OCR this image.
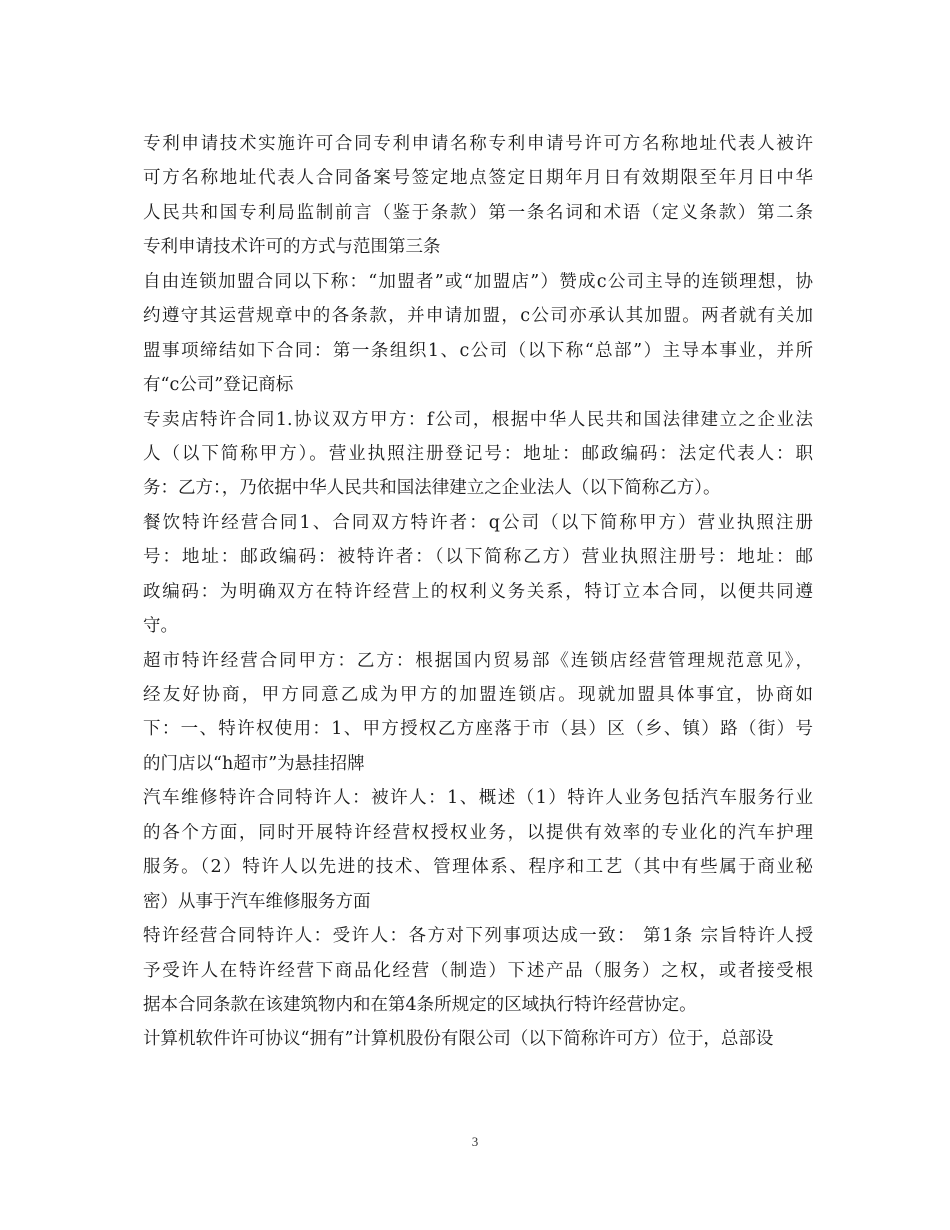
专利申请技术实施许可合同专利申请名称专利申请号许可方名称地址代表人被许
可方名称地址代表人合同备案号签定地点签定日期年月日有效期限至年月日中华
人民共和国专利局监制前言（鉴于条款）第一条名词和术语（定义条款）第二条
专利申请技术许可的方式与范围第三条
自由连锁加盟合同以下称：“加盟者”或“加盟店”）赞成c公司主导的连锁理想，协
约遵守其运营规章中的各条款，并申请加盟，c公司亦承认其加盟。两者就有关加
盟事项缔结如下合同：第一条组织1、c公司（以下称“总部”）主导本事业，并所
有“c公司”登记商标
专卖店特许合同1.协议双方甲方：f公司，根据中华人民共和国法律建立之企业法
人（以下简称甲方）。营业执照注册登记号：地址：邮政编码：法定代表人：职
务：乙方：，乃依据中华人民共和国法律建立之企业法人（以下简称乙方）。
餐饮特许经营合同1、合同双方特许者：q公司（以下简称甲方）营业执照注册
号：地址：邮政编码：被特许者：（以下简称乙方）营业执照注册号：地址：邮
政编码：为明确双方在特许经营上的权利义务关系，特订立本合同，以便共同遵
守。
超市特许经营合同甲方：乙方：根据国内贸易部《连锁店经营管理规范意见》，
经友好协商，甲方同意乙成为甲方的加盟连锁店。现就加盟具体事宜，协商如
下：一、特许权使用：1、甲方授权乙方座落于市（县）区（乡、镇）路（街）号
的门店以“h超市”为悬挂招牌
汽车维修特许合同特许人：被许人：1、概述（1）特许人业务包括汽车服务行业
的各个方面，同时开展特许经营权授权业务，以提供有效率的专业化的汽车护理
服务。（2）特许人以先进的技术、管理体系、程序和工艺（其中有些属于商业秘
密）从事于汽车维修服务方面
特许经营合同特许人：受许人：各方对下列事项达成一致： 第1条 宗旨特许人授
予受许人在特许经营下商品化经营（制造）下述产品（服务）之权，或者接受根
据本合同条款在该建筑物内和在第4条所规定的区域执行特许经营协定。
计算机软件许可协议“拥有”计算机股份有限公司（以下简称许可方）位于，总部设
3
